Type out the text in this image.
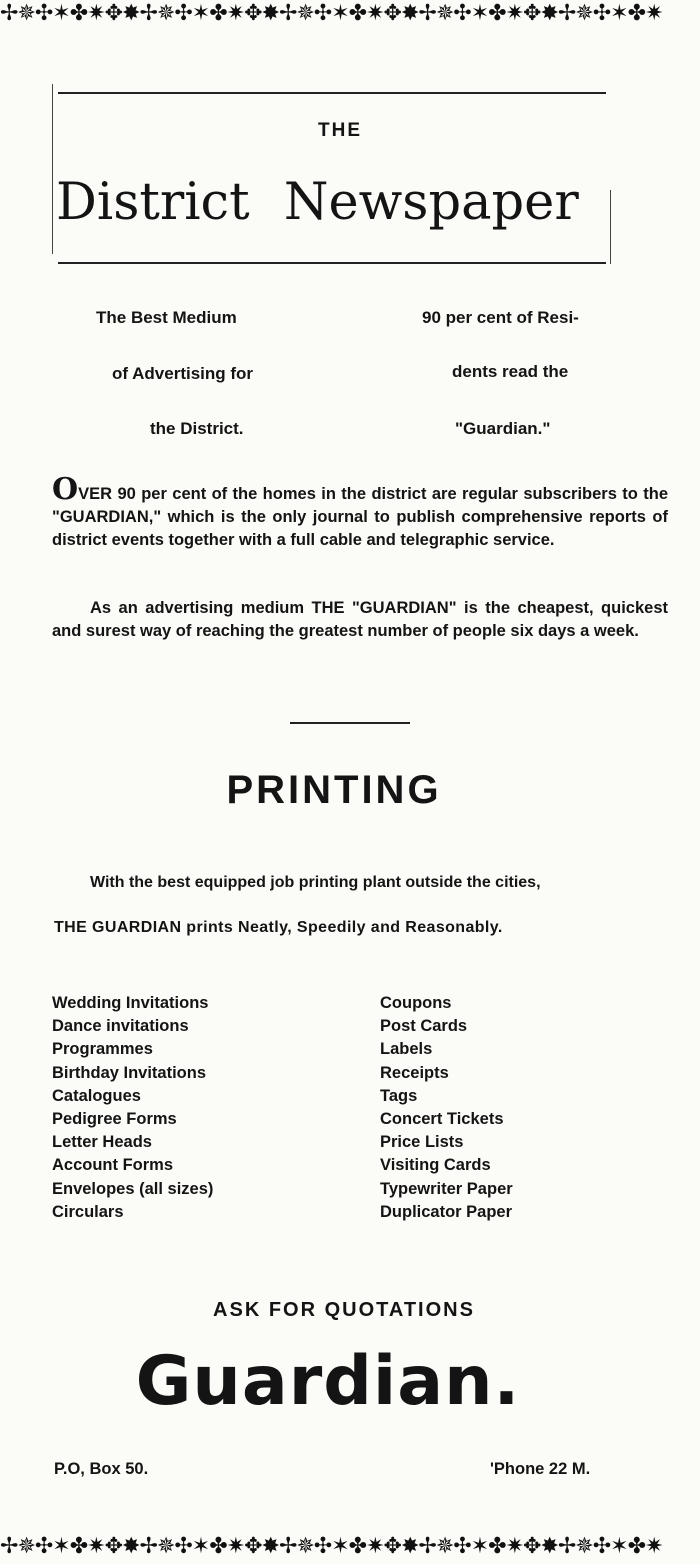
✢✵✣✶✤✷✥✸✢✵✣✶✤✷✥✸✢✵✣✶✤✷✥✸✢✵✣✶✤✷✥✸✢✵✣✶✤✷
THE
District Newspaper
The Best Medium
of Advertising for
the District.
90 per cent of Resi-
dents read the
"Guardian."
OVER 90 per cent of the homes in the district are regular subscribers to the "GUARDIAN," which is the only journal to publish comprehensive reports of district events together with a full cable and telegraphic service.
As an advertising medium THE "GUARDIAN" is the cheapest, quickest and surest way of reaching the greatest number of people six days a week.
PRINTING
With the best equipped job printing plant outside the cities,
THE GUARDIAN prints Neatly, Speedily and Reasonably.
Wedding Invitations
Dance invitations
Programmes
Birthday Invitations
Catalogues
Pedigree Forms
Letter Heads
Account Forms
Envelopes (all sizes)
Circulars
Coupons
Post Cards
Labels
Receipts
Tags
Concert Tickets
Price Lists
Visiting Cards
Typewriter Paper
Duplicator Paper
ASK FOR QUOTATIONS
Guardian.
P.O, Box 50.	'Phone 22 M.
✢✵✣✶✤✷✥✸✢✵✣✶✤✷✥✸✢✵✣✶✤✷✥✸✢✵✣✶✤✷✥✸✢✵✣✶✤✷
